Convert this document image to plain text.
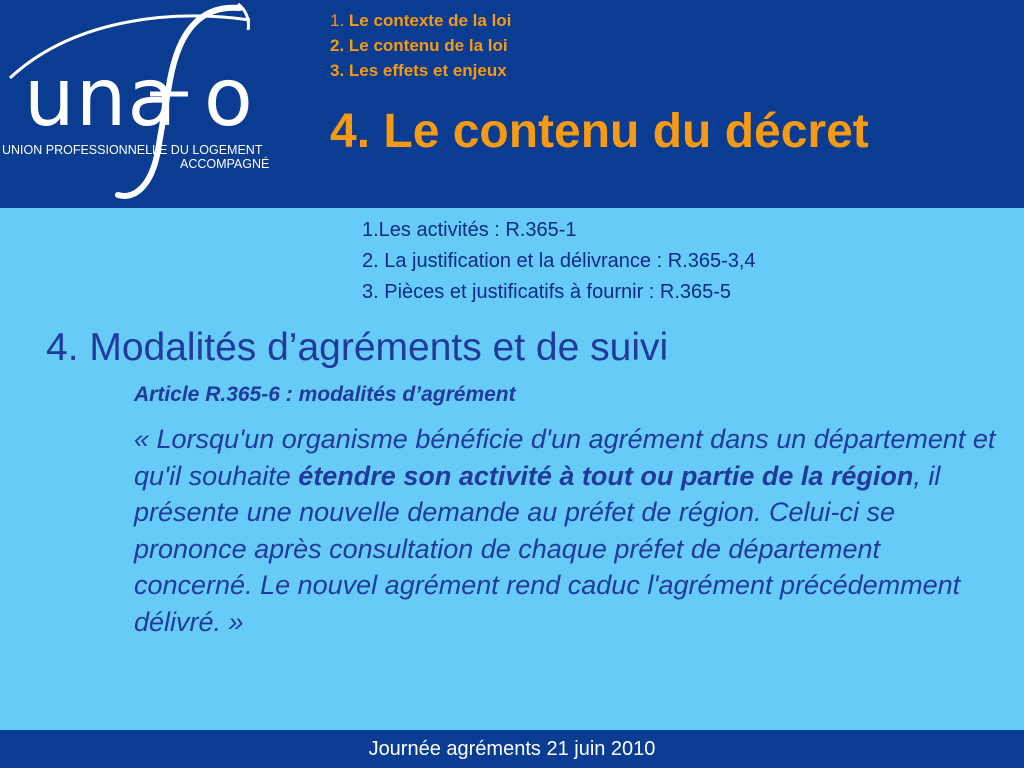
una o
UNION PROFESSIONNELLE DU LOGEMENT
ACCOMPAGNÉ
1. Le contexte de la loi
2. Le contenu de la loi
3. Les effets et enjeux
4. Le contenu du décret
1.Les activités : R.365-1
2. La justification et la délivrance : R.365-3,4
3. Pièces et justificatifs à fournir : R.365-5
4. Modalités d’agréments et de suivi
Article R.365-6 : modalités d’agrément

« Lorsqu'un organisme bénéficie d'un agrément dans un département et qu'il souhaite étendre son activité à tout ou partie de la région, il présente une nouvelle demande au préfet de région. Celui-ci se prononce après consultation de chaque préfet de département concerné. Le nouvel agrément rend caduc l'agrément précédemment délivré. »

Journée agréments 21 juin 2010
